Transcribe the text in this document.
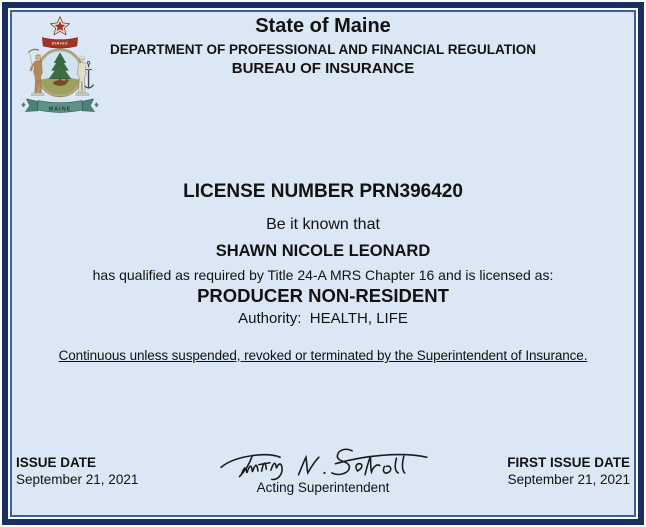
DIRIGO
MAINE
State of Maine
DEPARTMENT OF PROFESSIONAL AND FINANCIAL REGULATION
BUREAU OF INSURANCE
LICENSE NUMBER PRN396420
Be it known that
SHAWN NICOLE LEONARD
has qualified as required by Title 24-A MRS Chapter 16 and is licensed as:
PRODUCER NON-RESIDENT
Authority:  HEALTH, LIFE
Continuous unless suspended, revoked or terminated by the Superintendent of Insurance.
ISSUE DATE
September 21, 2021
Acting Superintendent
FIRST ISSUE DATE
September 21, 2021
